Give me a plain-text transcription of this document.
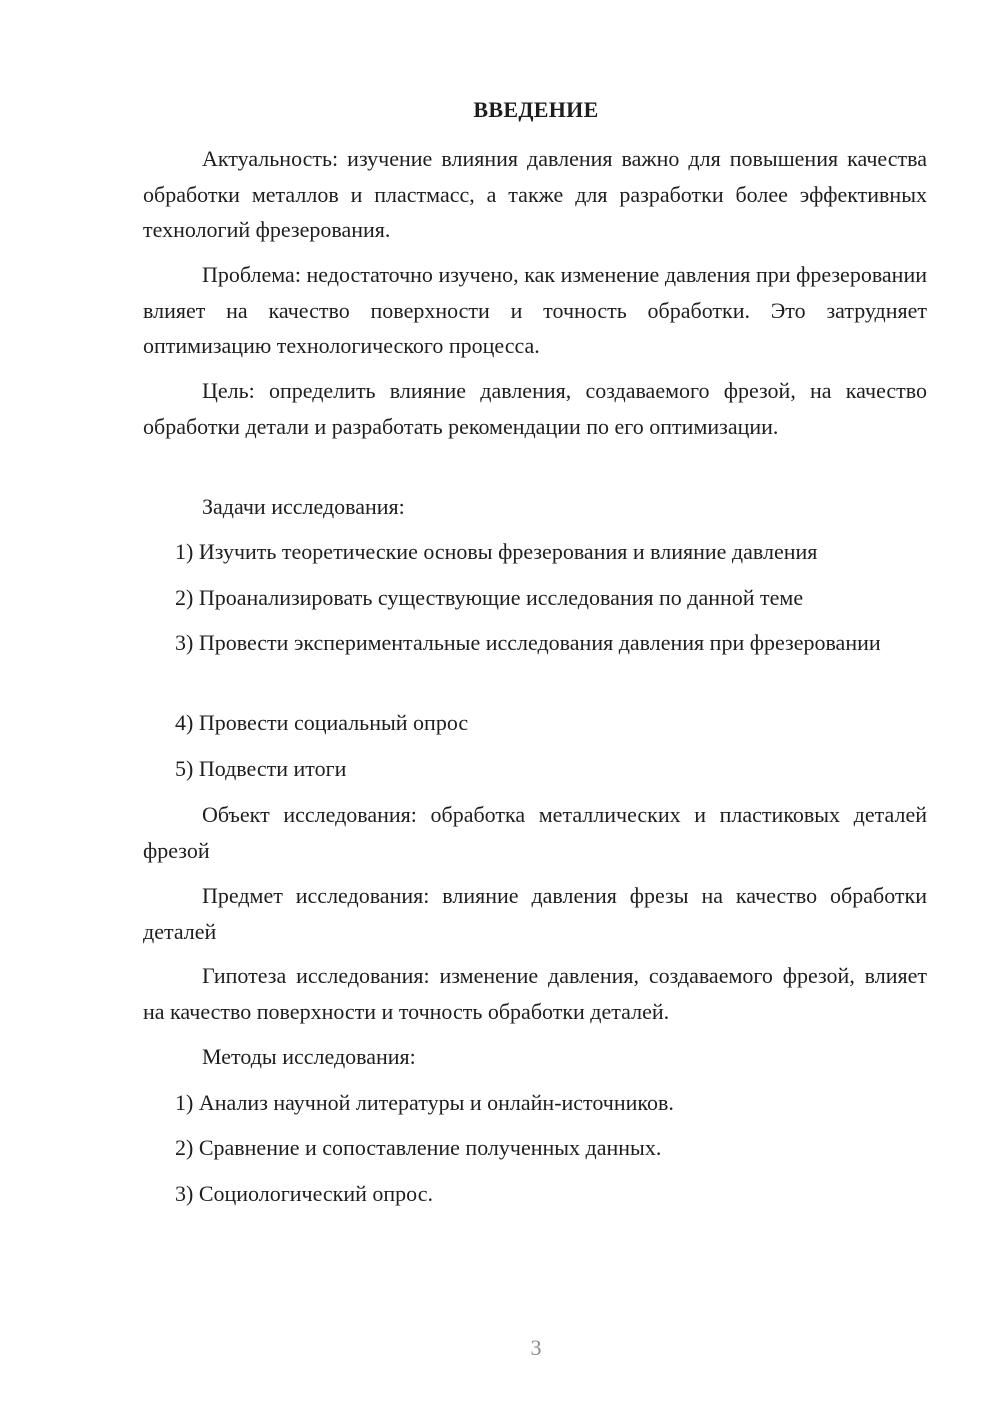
ВВЕДЕНИЕ

Актуальность: изучение влияния давления важно для повышения качества обработки металлов и пластмасс, а также для разработки более эффективных технологий фрезерования.

Проблема: недостаточно изучено, как изменение давления при фрезеровании влияет на качество поверхности и точность обработки. Это затрудняет оптимизацию технологического процесса.

Цель: определить влияние давления, создаваемого фрезой, на качество обработки детали и разработать рекомендации по его оптимизации.

Задачи исследования:

1) Изучить теоретические основы фрезерования и влияние давления

2) Проанализировать существующие исследования по данной теме

3) Провести экспериментальные исследования давления при фрезеровании

4) Провести социальный опрос

5) Подвести итоги

Объект исследования: обработка металлических и пластиковых деталей фрезой

Предмет исследования: влияние давления фрезы на качество обработки деталей

Гипотеза исследования: изменение давления, создаваемого фрезой, влияет на качество поверхности и точность обработки деталей.

Методы исследования:

1) Анализ научной литературы и онлайн-источников.

2) Сравнение и сопоставление полученных данных.

3) Социологический опрос.

3
